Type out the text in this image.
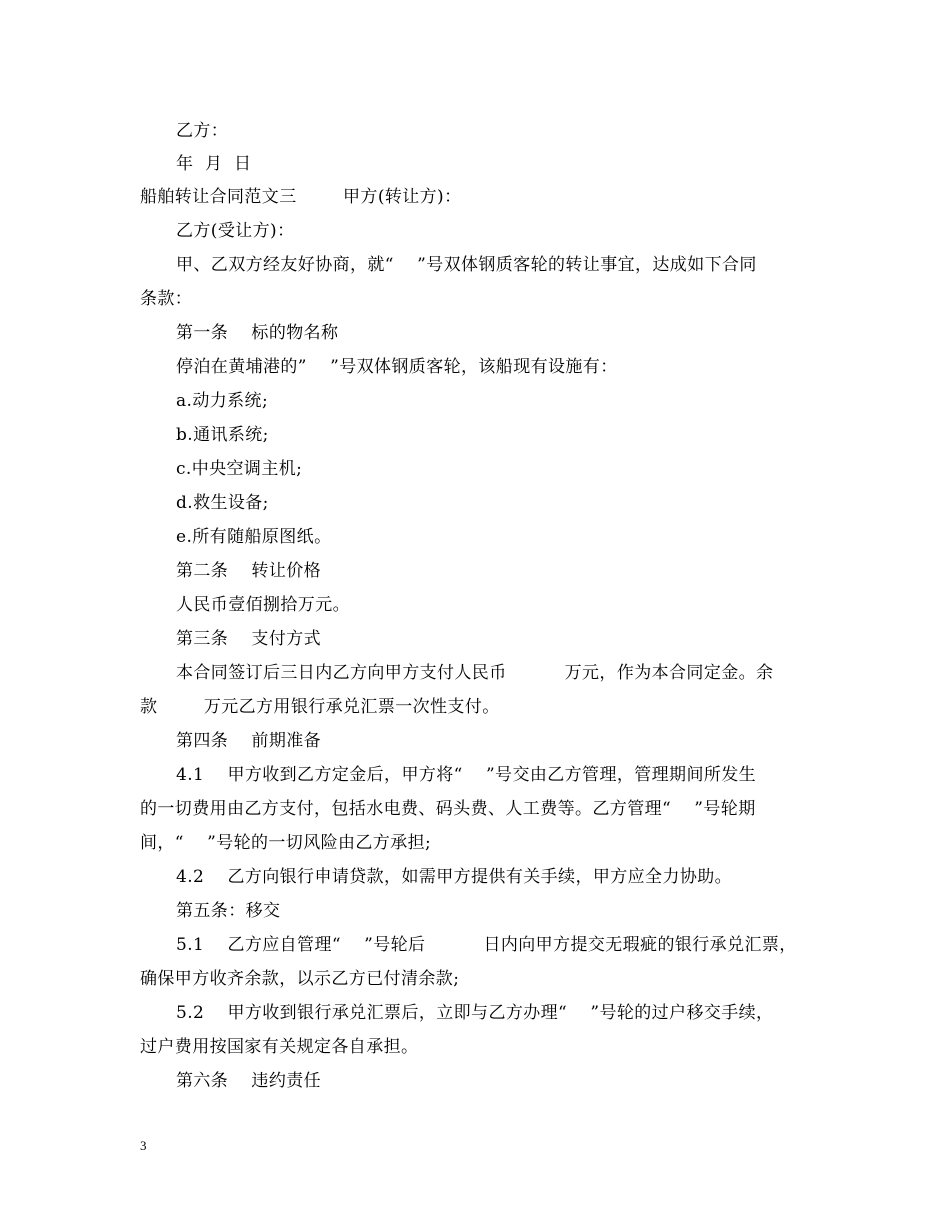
乙方：
年  月  日
船舶转让合同范文三        甲方(转让方)：
乙方(受让方)：
甲、乙双方经友好协商，就“    ”号双体钢质客轮的转让事宜，达成如下合同
条款：
第一条    标的物名称
停泊在黄埔港的”    ”号双体钢质客轮，该船现有设施有：
a.动力系统;
b.通讯系统;
c.中央空调主机;
d.救生设备;
e.所有随船原图纸。
第二条    转让价格
人民币壹佰捌拾万元。
第三条    支付方式
本合同签订后三日内乙方向甲方支付人民币          万元，作为本合同定金。余
款        万元乙方用银行承兑汇票一次性支付。
第四条    前期准备
4.1    甲方收到乙方定金后，甲方将“    ”号交由乙方管理，管理期间所发生
的一切费用由乙方支付，包括水电费、码头费、人工费等。乙方管理“    ”号轮期
间，“    ”号轮的一切风险由乙方承担;
4.2    乙方向银行申请贷款，如需甲方提供有关手续，甲方应全力协助。
第五条：移交
5.1    乙方应自管理“    ”号轮后          日内向甲方提交无瑕疵的银行承兑汇票，
确保甲方收齐余款，以示乙方已付清余款;
5.2    甲方收到银行承兑汇票后，立即与乙方办理“    ”号轮的过户移交手续，
过户费用按国家有关规定各自承担。
第六条    违约责任
3
